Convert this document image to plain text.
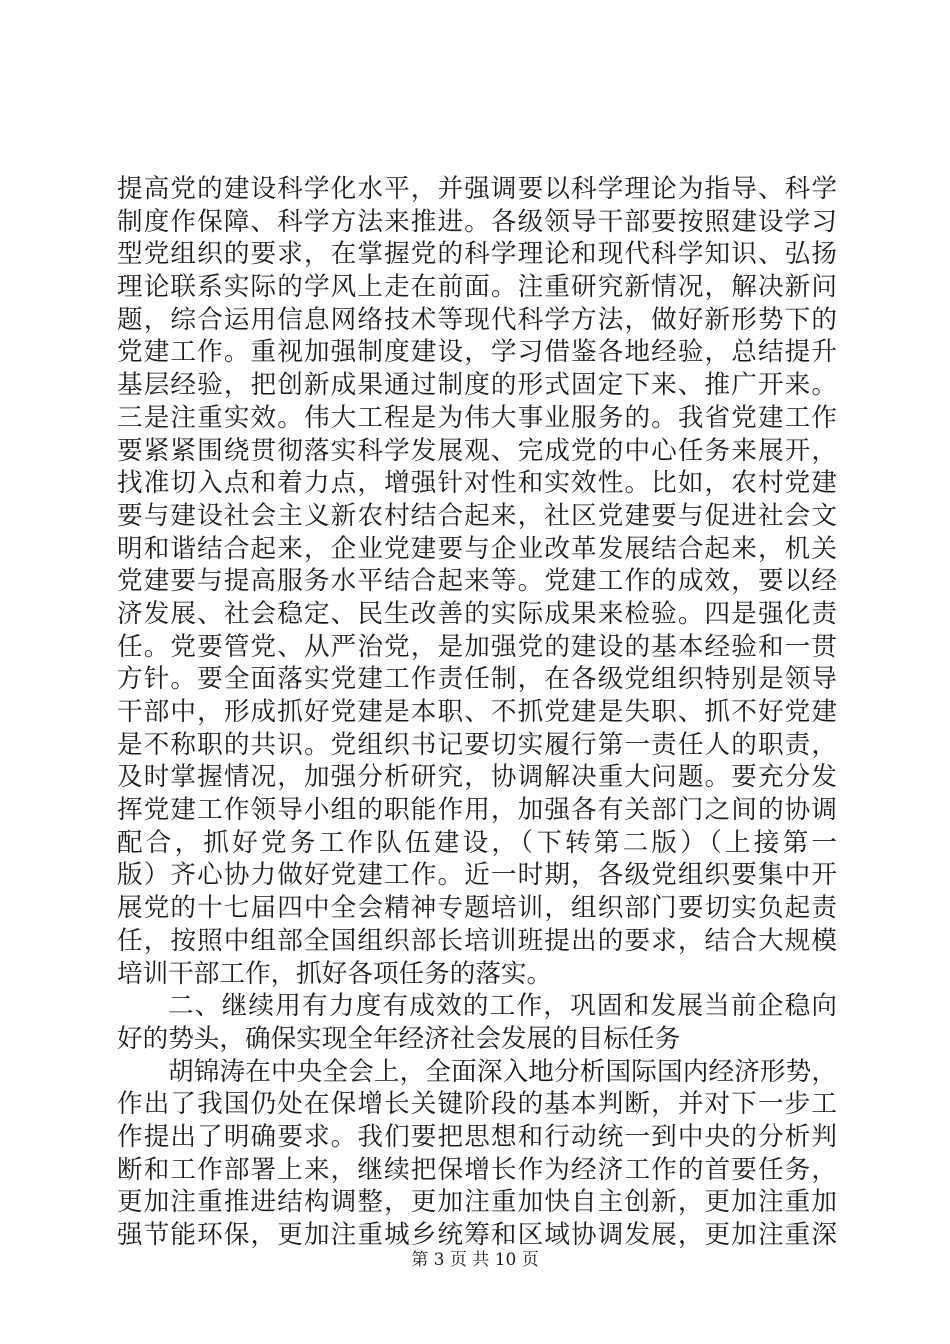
提高党的建设科学化水平，并强调要以科学理论为指导、科学
制度作保障、科学方法来推进。各级领导干部要按照建设学习
型党组织的要求，在掌握党的科学理论和现代科学知识、弘扬
理论联系实际的学风上走在前面。注重研究新情况，解决新问
题，综合运用信息网络技术等现代科学方法，做好新形势下的
党建工作。重视加强制度建设，学习借鉴各地经验，总结提升
基层经验，把创新成果通过制度的形式固定下来、推广开来。
三是注重实效。伟大工程是为伟大事业服务的。我省党建工作
要紧紧围绕贯彻落实科学发展观、完成党的中心任务来展开，
找准切入点和着力点，增强针对性和实效性。比如，农村党建
要与建设社会主义新农村结合起来，社区党建要与促进社会文
明和谐结合起来，企业党建要与企业改革发展结合起来，机关
党建要与提高服务水平结合起来等。党建工作的成效，要以经
济发展、社会稳定、民生改善的实际成果来检验。四是强化责
任。党要管党、从严治党，是加强党的建设的基本经验和一贯
方针。要全面落实党建工作责任制，在各级党组织特别是领导
干部中，形成抓好党建是本职、不抓党建是失职、抓不好党建
是不称职的共识。党组织书记要切实履行第一责任人的职责，
及时掌握情况，加强分析研究，协调解决重大问题。要充分发
挥党建工作领导小组的职能作用，加强各有关部门之间的协调
配合，抓好党务工作队伍建设，（下转第二版）（上接第一
版）齐心协力做好党建工作。近一时期，各级党组织要集中开
展党的十七届四中全会精神专题培训，组织部门要切实负起责
任，按照中组部全国组织部长培训班提出的要求，结合大规模
培训干部工作，抓好各项任务的落实。
二、继续用有力度有成效的工作，巩固和发展当前企稳向
好的势头，确保实现全年经济社会发展的目标任务
胡锦涛在中央全会上，全面深入地分析国际国内经济形势，
作出了我国仍处在保增长关键阶段的基本判断，并对下一步工
作提出了明确要求。我们要把思想和行动统一到中央的分析判
断和工作部署上来，继续把保增长作为经济工作的首要任务，
更加注重推进结构调整，更加注重加快自主创新，更加注重加
强节能环保，更加注重城乡统筹和区域协调发展，更加注重深
第 3 页 共 10 页
